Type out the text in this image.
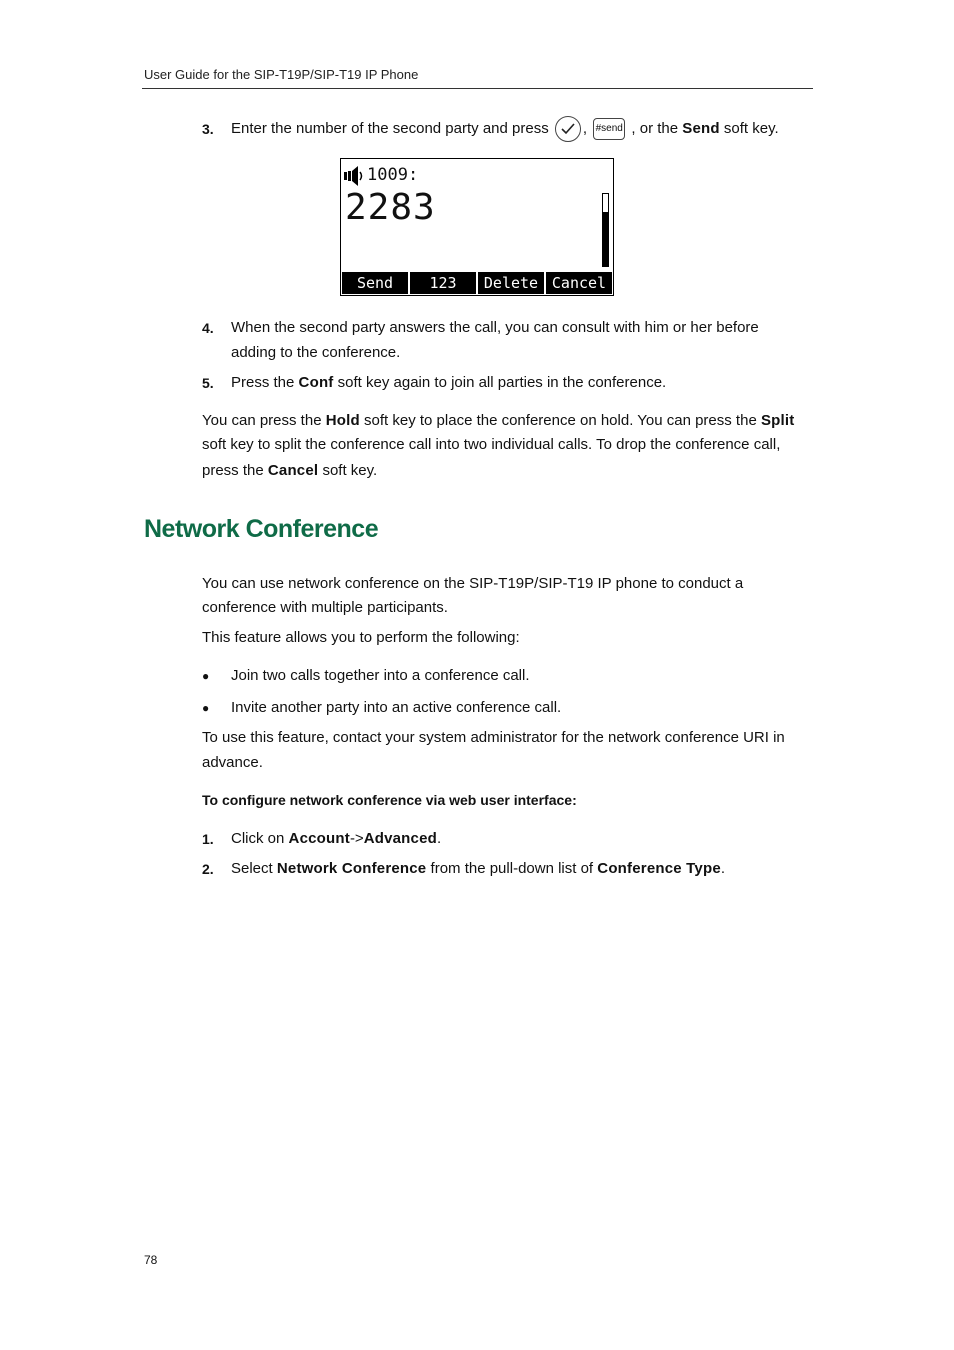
User Guide for the SIP-T19P/SIP-T19 IP Phone
3. Enter the number of the second party and press , #send , or the Send soft key.
1009:
2283
Send	123	Delete Cancel
4. When the second party answers the call, you can consult with him or her before
adding to the conference.
5. Press the Conf soft key again to join all parties in the conference.
You can press the Hold soft key to place the conference on hold. You can press the Split
soft key to split the conference call into two individual calls. To drop the conference call,
press the Cancel soft key.
Network Conference
You can use network conference on the SIP-T19P/SIP-T19 IP phone to conduct a
conference with multiple participants.
This feature allows you to perform the following:
● Join two calls together into a conference call.
● Invite another party into an active conference call.
To use this feature, contact your system administrator for the network conference URI in
advance.
To configure network conference via web user interface:
1. Click on Account->Advanced.
2. Select Network Conference from the pull-down list of Conference Type.
78
